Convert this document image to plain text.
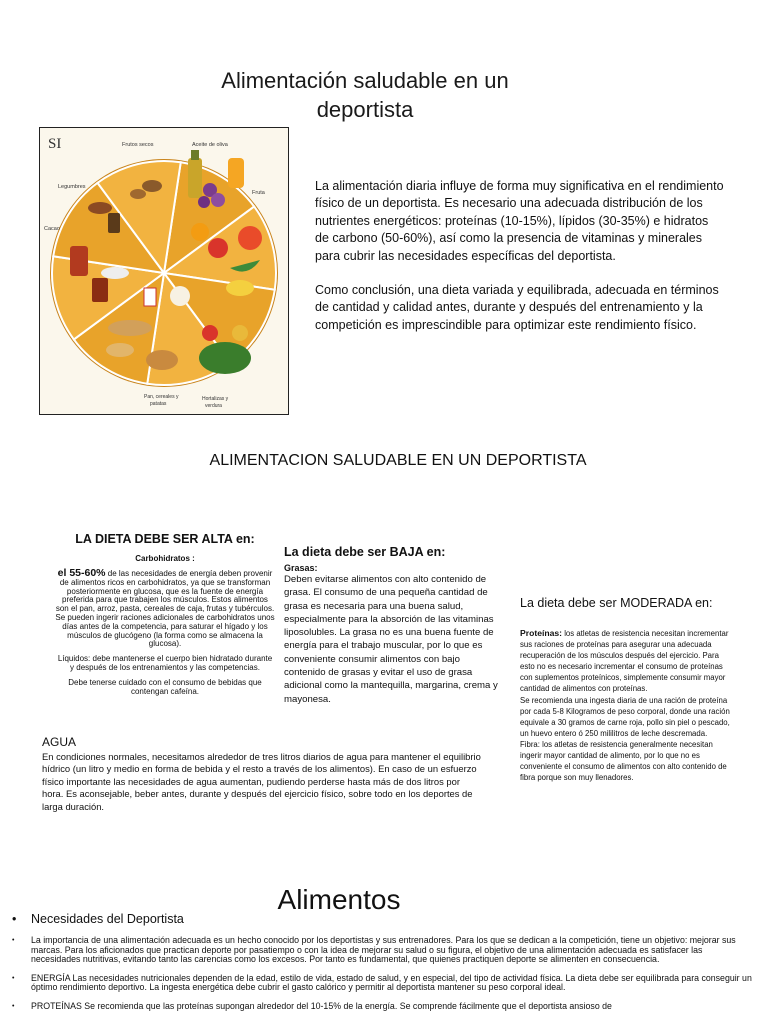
Alimentación saludable en un deportista
SI	Frutos secos	Aceite de oliva
Legumbres
Fruta
Cacao
Pan, cereales y patatas
Hortalizas y verdura

La alimentación diaria influye de forma muy significativa en el rendimiento físico de un deportista. Es necesario una adecuada distribución de los nutrientes energéticos: proteínas (10-15%), lípidos (30-35%) e hidratos de carbono (50-60%), así como la presencia de vitaminas y minerales para cubrir las necesidades específicas del deportista.

Como conclusión, una dieta variada y equilibrada, adecuada en términos de cantidad y calidad antes, durante y después del entrenamiento y la competición es imprescindible para optimizar este rendimiento físico.

ALIMENTACION SALUDABLE EN UN DEPORTISTA
LA DIETA DEBE SER ALTA en:
Carbohidratos :

el 55-60% de las necesidades de energía deben provenir de alimentos ricos en carbohidratos, ya que se transforman posteriormente en glucosa, que es la fuente de energía preferida para que trabajen los músculos. Estos alimentos son el pan, arroz, pasta, cereales de caja, frutas y tubérculos. Se pueden ingerir raciones adicionales de carbohidratos unos días antes de la competencia, para saturar el hígado y los músculos de glucógeno (la forma como se almacena la glucosa).

Líquidos: debe mantenerse el cuerpo bien hidratado durante y después de los entrenamientos y las competencias.

Debe tenerse cuidado con el consumo de bebidas que contengan cafeína.

La dieta debe ser BAJA en:
Grasas:
Deben evitarse alimentos con alto contenido de grasa. El consumo de una pequeña cantidad de grasa es necesaria para una buena salud, especialmente para la absorción de las vitaminas liposolubles. La grasa no es una buena fuente de energía para el trabajo muscular, por lo que es conveniente consumir alimentos con bajo contenido de grasas y evitar el uso de grasa adicional como la mantequilla, margarina, crema y mayonesa.
La dieta debe ser MODERADA en:
Proteínas: los atletas de resistencia necesitan incrementar sus raciones de proteínas para asegurar una adecuada recuperación de los músculos después del ejercicio. Para esto no es necesario incrementar el consumo de proteínas con suplementos proteínicos, simplemente consumir mayor cantidad de alimentos con proteínas.
Se recomienda una ingesta diaria de una ración de proteína por cada 5-8 Kilogramos de peso corporal, donde una ración equivale a 30 gramos de carne roja, pollo sin piel o pescado, un huevo entero ó 250 mililitros de leche descremada.
Fibra: los atletas de resistencia generalmente necesitan ingerir mayor cantidad de alimento, por lo que no es conveniente el consumo de alimentos con alto contenido de fibra porque son muy llenadores.
AGUA
En condiciones normales, necesitamos alrededor de tres litros diarios de agua para mantener el equilibrio hídrico (un litro y medio en forma de bebida y el resto a través de los alimentos). En caso de un esfuerzo físico importante las necesidades de agua aumentan, pudiendo perderse hasta más de dos litros por hora. Es aconsejable, beber antes, durante y después del ejercicio físico, sobre todo en los deportes de larga duración.
Alimentos
• Necesidades del Deportista
• La importancia de una alimentación adecuada es un hecho conocido por los deportistas y sus entrenadores. Para los que se dedican a la competición, tiene un objetivo: mejorar sus marcas. Para los aficionados que practican deporte por pasatiempo o con la idea de mejorar su salud o su figura, el objetivo de una alimentación adecuada es satisfacer las necesidades nutritivas, evitando tanto las carencias como los excesos. Por tanto es fundamental, que quienes practiquen deporte se alimenten en consecuencia.
• ENERGÍA Las necesidades nutricionales dependen de la edad, estilo de vida, estado de salud, y en especial, del tipo de actividad física. La dieta debe ser equilibrada para conseguir un óptimo rendimiento deportivo. La ingesta energética debe cubrir el gasto calórico y permitir al deportista mantener su peso corporal ideal.
• PROTEÍNAS Se recomienda que las proteínas supongan alrededor del 10-15% de la energía. Se comprende fácilmente que el deportista ansioso de
